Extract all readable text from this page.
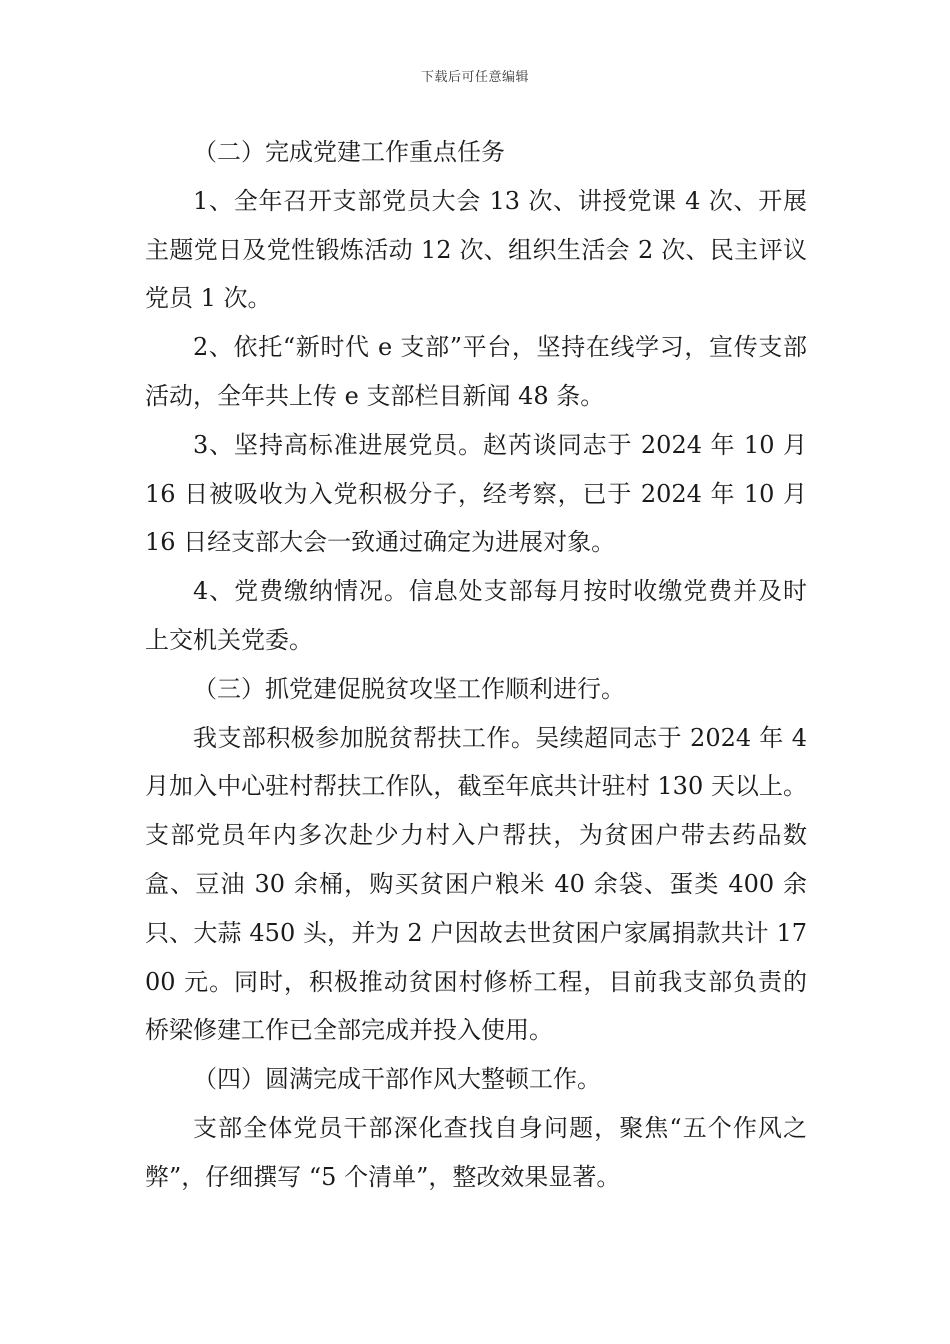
下载后可任意编辑

（二）完成党建工作重点任务

1、全年召开支部党员大会 13 次、讲授党课 4 次、开展主题党日及党性锻炼活动 12 次、组织生活会 2 次、民主评议党员 1 次。

2、依托“新时代 e 支部”平台，坚持在线学习，宣传支部活动，全年共上传 e 支部栏目新闻 48 条。

3、坚持高标准进展党员。赵芮谈同志于 2024 年 10 月 16 日被吸收为入党积极分子，经考察，已于 2024 年 10 月 16 日经支部大会一致通过确定为进展对象。

4、党费缴纳情况。信息处支部每月按时收缴党费并及时上交机关党委。

（三）抓党建促脱贫攻坚工作顺利进行。

我支部积极参加脱贫帮扶工作。吴续超同志于 2024 年 4 月加入中心驻村帮扶工作队，截至年底共计驻村 130 天以上。支部党员年内多次赴少力村入户帮扶，为贫困户带去药品数盒、豆油 30 余桶，购买贫困户粮米 40 余袋、蛋类 400 余只、大蒜 450 头，并为 2 户因故去世贫困户家属捐款共计 1700 元。同时，积极推动贫困村修桥工程，目前我支部负责的桥梁修建工作已全部完成并投入使用。

（四）圆满完成干部作风大整顿工作。

支部全体党员干部深化查找自身问题，聚焦“五个作风之弊”，仔细撰写 “5 个清单”，整改效果显著。
